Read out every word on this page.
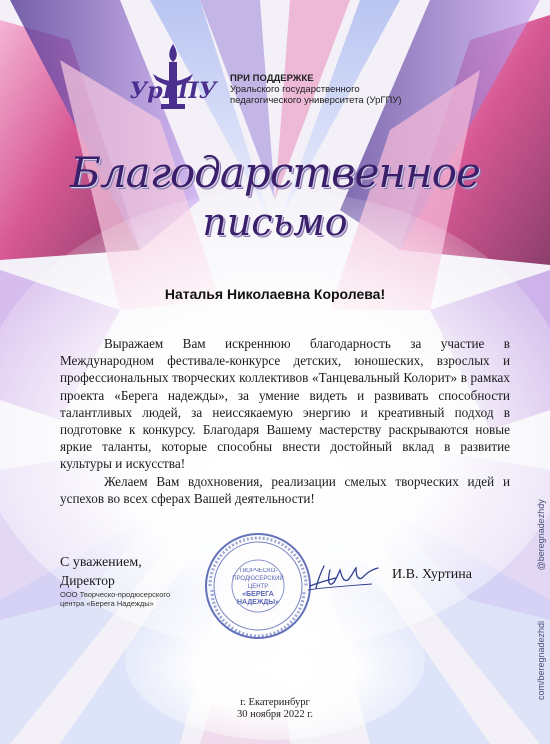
УрГПУ ПРИ ПОДДЕРЖКЕ
Уральского государственного
педагогического университета (УрГПУ)
Благодарственное
письмо
Наталья Николаевна Королева!

Выражаем Вам искреннюю благодарность за участие в Международном фестивале-конкурсе детских, юношеских, взрослых и профессиональных творческих коллективов «Танцевальный Колорит» в рамках проекта «Берега надежды», за умение видеть и развивать способности талантливых людей, за неиссякаемую энергию и креативный подход в подготовке к конкурсу. Благодаря Вашему мастерству раскрываются новые яркие таланты, которые способны внести достойный вклад в развитие культуры и искусства!

Желаем Вам вдохновения, реализации смелых творческих идей и успехов во всех сферах Вашей деятельности!

С уважением,
Директор
ООО Творческо-продюсерского
центра «Берега Надежды»
ТВОРЧЕСКО-
ПРОДЮСЕРСКИЙ
ЦЕНТР
«БЕРЕГА
НАДЕЖДЫ»
И.В. Хуртина
г. Екатеринбург
30 ноября 2022 г.
com/beregnadezhdi @beregnadezhdy
